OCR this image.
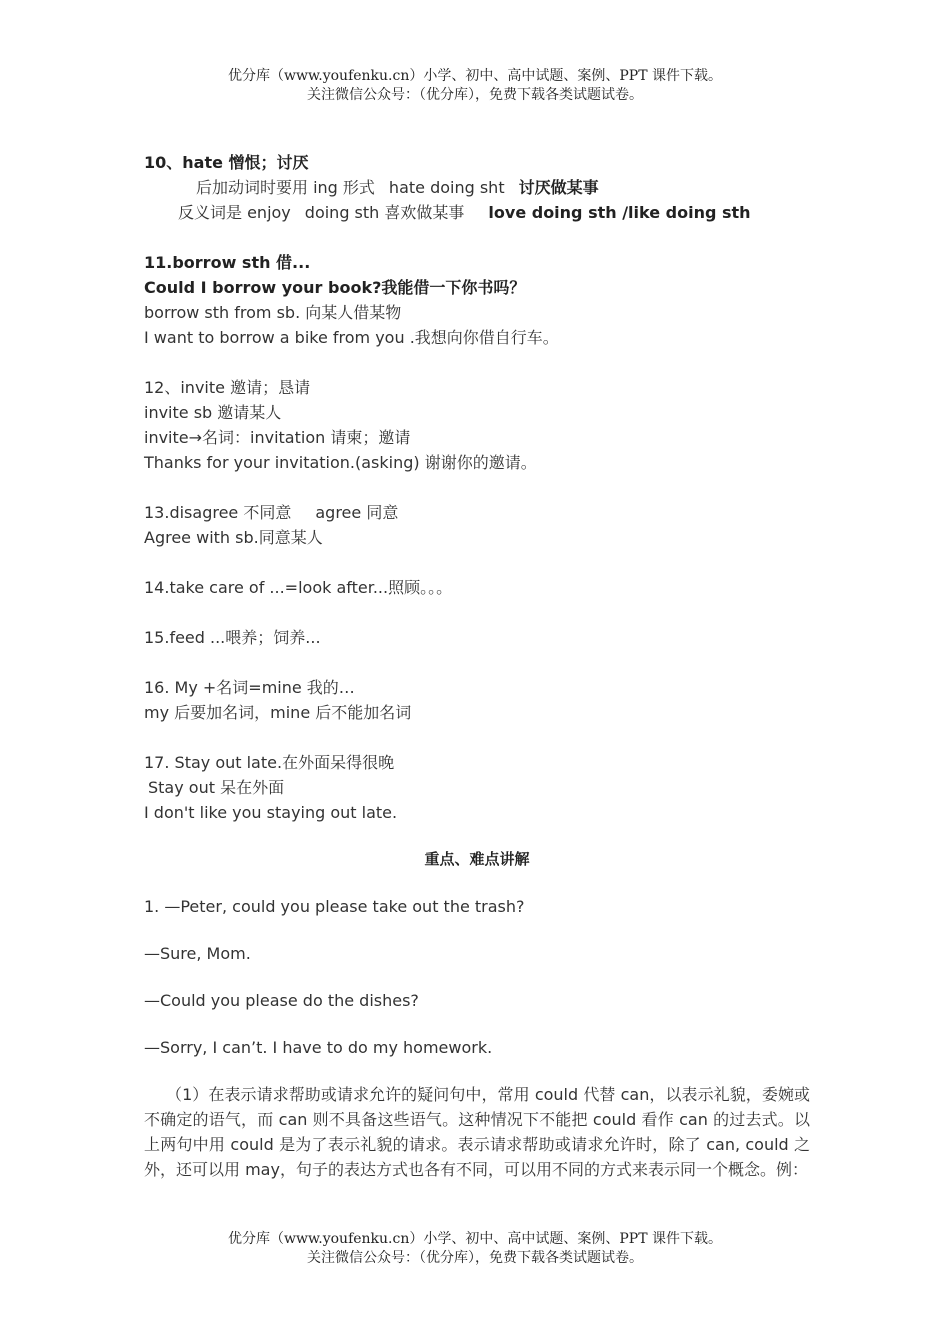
优分库（www.youfenku.cn）小学、初中、高中试题、案例、PPT 课件下载。
关注微信公众号：（优分库），免费下载各类试题试卷。
10、hate 憎恨；讨厌
后加动词时要用 ing 形式 hate doing sht 讨厌做某事
反义词是 enjoy doing sth 喜欢做某事 love doing sth /like doing sth
11.borrow sth 借...
Could I borrow your book?我能借一下你书吗？
borrow sth from sb. 向某人借某物
I want to borrow a bike from you .我想向你借自行车。
12、invite 邀请；恳请
invite sb 邀请某人
invite→名词：invitation 请柬；邀请
Thanks for your invitation.(asking) 谢谢你的邀请。
13.disagree 不同意 agree 同意
Agree with sb.同意某人
14.take care of ...=look after...照顾。。。
15.feed ...喂养；饲养...
16. My +名词=mine 我的…
my 后要加名词，mine 后不能加名词
17. Stay out late.在外面呆得很晚
Stay out 呆在外面
I don't like you staying out late.
重点、难点讲解
1. —Peter, could you please take out the trash?
—Sure, Mom.
—Could you please do the dishes?
—Sorry, I can’t. I have to do my homework.
（1）在表示请求帮助或请求允许的疑问句中，常用 could 代替 can，以表示礼貌，委婉或不确定的语气，而 can 则不具备这些语气。这种情况下不能把 could 看作 can 的过去式。以上两句中用 could 是为了表示礼貌的请求。表示请求帮助或请求允许时，除了 can, could 之外，还可以用 may，句子的表达方式也各有不同，可以用不同的方式来表示同一个概念。例：
优分库（www.youfenku.cn）小学、初中、高中试题、案例、PPT 课件下载。
关注微信公众号：（优分库），免费下载各类试题试卷。
